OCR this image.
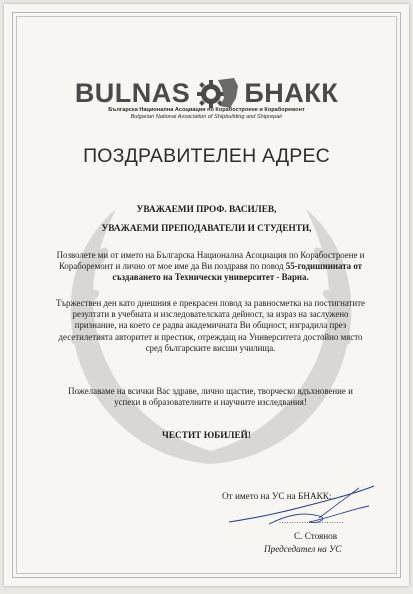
BULNAS БНАКК
Българска Национална Асоциация по Корабостроене и Кораборемонт
Bulgarian National Association of Shipbuilding and Shiprepair
ПОЗДРАВИТЕЛЕН АДРЕС
УВАЖАЕМИ ПРОФ. ВАСИЛЕВ,
УВАЖАЕМИ ПРЕПОДАВАТЕЛИ И СТУДЕНТИ,
Позволете ми от името на Българска Национална Асоциация по Корабостроене и Кораборемонт и лично от мое име да Ви поздравя по повод 55-годишнината от създаването на Технически университет - Варна.
Тържествен ден като днешния е прекрасен повод за равносметка на постигнатите резултати в учебната и изследователската дейност, за израз на заслужено признание, на което се радва академичната Ви общност, изградила през десетилетията авторитет и престиж, отреждащ на Университета достойно място сред българските висши училища.
Пожелаваме на всички Вас здраве, лично щастие, творческо вдъхновение и успехи в образователните и научните изследвания!
ЧЕСТИТ ЮБИЛЕЙ!
От името на УС на БНАКК:
..........................
С. Стоянов
Председател на УС
